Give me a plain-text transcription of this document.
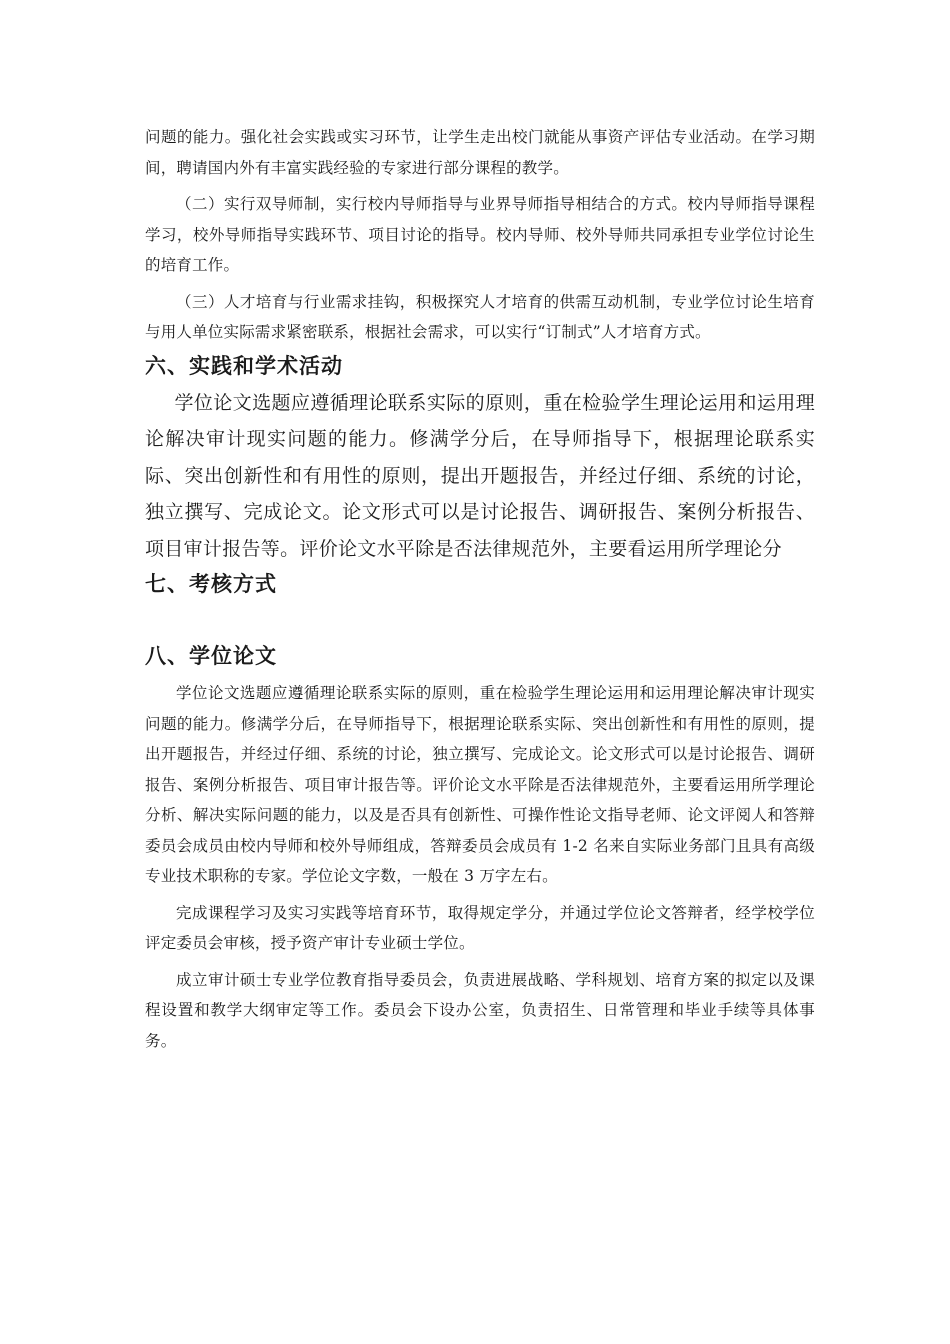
问题的能力。强化社会实践或实习环节，让学生走出校门就能从事资产评估专业活动。在学习期间，聘请国内外有丰富实践经验的专家进行部分课程的教学。

（二）实行双导师制，实行校内导师指导与业界导师指导相结合的方式。校内导师指导课程学习，校外导师指导实践环节、项目讨论的指导。校内导师、校外导师共同承担专业学位讨论生的培育工作。

（三）人才培育与行业需求挂钩，积极探究人才培育的供需互动机制，专业学位讨论生培育与用人单位实际需求紧密联系，根据社会需求，可以实行“订制式”人才培育方式。

六、实践和学术活动

学位论文选题应遵循理论联系实际的原则，重在检验学生理论运用和运用理论解决审计现实问题的能力。修满学分后，在导师指导下，根据理论联系实际、突出创新性和有用性的原则，提出开题报告，并经过仔细、系统的讨论，独立撰写、完成论文。论文形式可以是讨论报告、调研报告、案例分析报告、项目审计报告等。评价论文水平除是否法律规范外，主要看运用所学理论分

七、考核方式
八、学位论文

学位论文选题应遵循理论联系实际的原则，重在检验学生理论运用和运用理论解决审计现实问题的能力。修满学分后，在导师指导下，根据理论联系实际、突出创新性和有用性的原则，提出开题报告，并经过仔细、系统的讨论，独立撰写、完成论文。论文形式可以是讨论报告、调研报告、案例分析报告、项目审计报告等。评价论文水平除是否法律规范外，主要看运用所学理论分析、解决实际问题的能力，以及是否具有创新性、可操作性论文指导老师、论文评阅人和答辩委员会成员由校内导师和校外导师组成，答辩委员会成员有 1-2 名来自实际业务部门且具有高级专业技术职称的专家。学位论文字数，一般在 3 万字左右。

完成课程学习及实习实践等培育环节，取得规定学分，并通过学位论文答辩者，经学校学位评定委员会审核，授予资产审计专业硕士学位。

成立审计硕士专业学位教育指导委员会，负责进展战略、学科规划、培育方案的拟定以及课程设置和教学大纲审定等工作。委员会下设办公室，负责招生、日常管理和毕业手续等具体事务。
